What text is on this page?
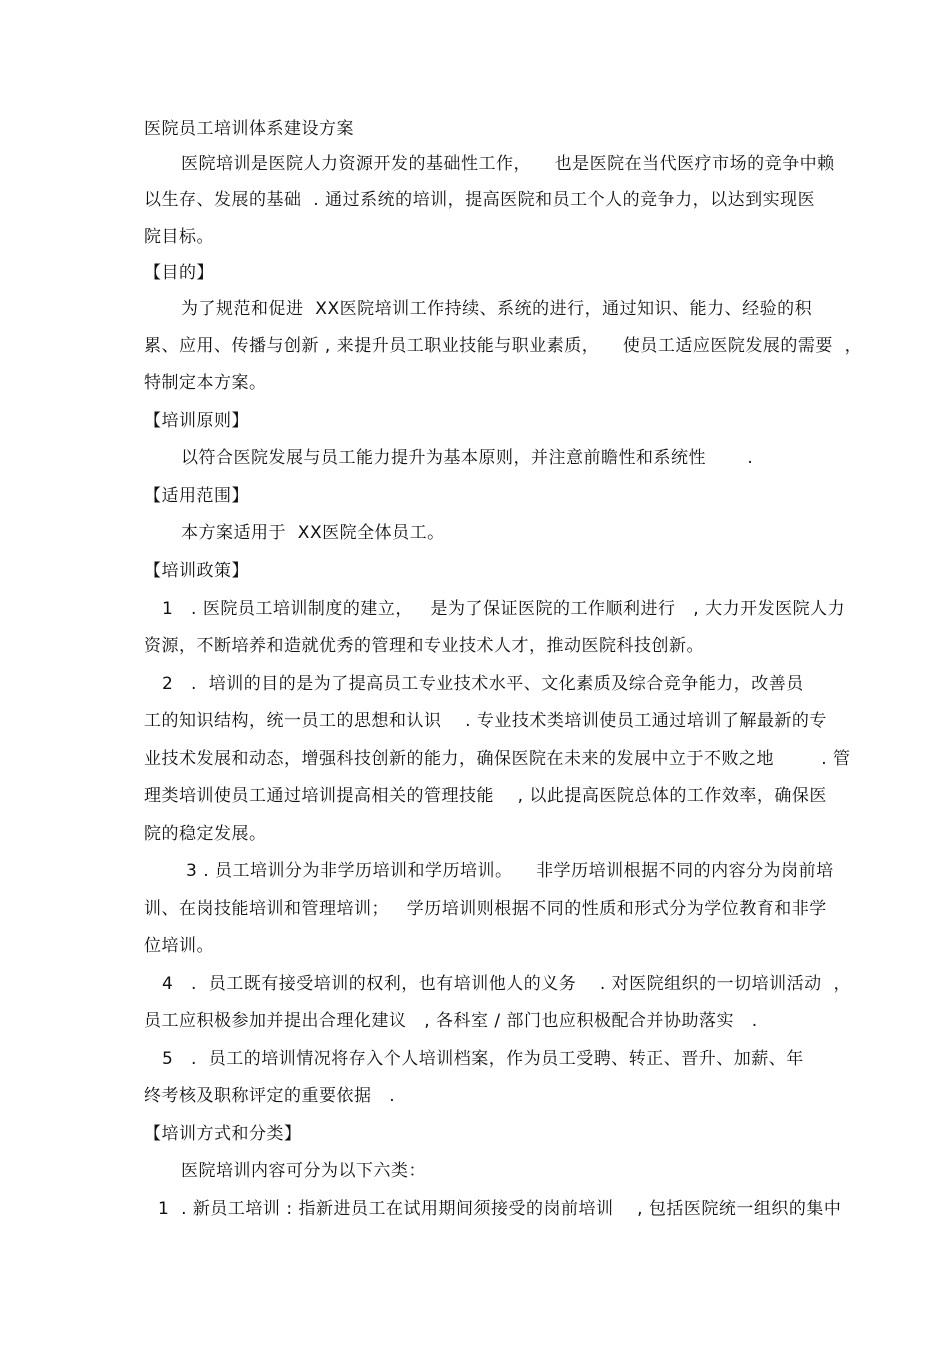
医院员工培训体系建设方案
医院培训是医院人力资源开发的基础性工作，    也是医院在当代医疗市场的竞争中赖
以生存、发展的基础  . 通过系统的培训，提高医院和员工个人的竞争力，以达到实现医
院目标。
【目的】
为了规范和促进  XX医院培训工作持续、系统的进行，通过知识、能力、经验的积
累、应用、传播与创新 , 来提升员工职业技能与职业素质，    使员工适应医院发展的需要  ，
特制定本方案。
【培训原则】
以符合医院发展与员工能力提升为基本原则，并注意前瞻性和系统性       .
【适用范围】
本方案适用于  XX医院全体员工。
【培训政策】
1   . 医院员工培训制度的建立，   是为了保证医院的工作顺利进行   , 大力开发医院人力
资源，不断培养和造就优秀的管理和专业技术人才，推动医院科技创新。
2   .  培训的目的是为了提高员工专业技术水平、文化素质及综合竞争能力，改善员
工的知识结构，统一员工的思想和认识    . 专业技术类培训使员工通过培训了解最新的专
业技术发展和动态，增强科技创新的能力，确保医院在未来的发展中立于不败之地        . 管
理类培训使员工通过培训提高相关的管理技能    , 以此提高医院总体的工作效率，确保医
院的稳定发展。
3 . 员工培训分为非学历培训和学历培训。    非学历培训根据不同的内容分为岗前培
训、在岗技能培训和管理培训；   学历培训则根据不同的性质和形式分为学位教育和非学
位培训。
4   .  员工既有接受培训的权利，也有培训他人的义务    . 对医院组织的一切培训活动  ，
员工应积极参加并提出合理化建议   , 各科室 / 部门也应积极配合并协助落实   .
5   .  员工的培训情况将存入个人培训档案，作为员工受聘、转正、晋升、加薪、年
终考核及职称评定的重要依据   .
【培训方式和分类】
医院培训内容可分为以下六类：
1  . 新员工培训 : 指新进员工在试用期间须接受的岗前培训    , 包括医院统一组织的集中
